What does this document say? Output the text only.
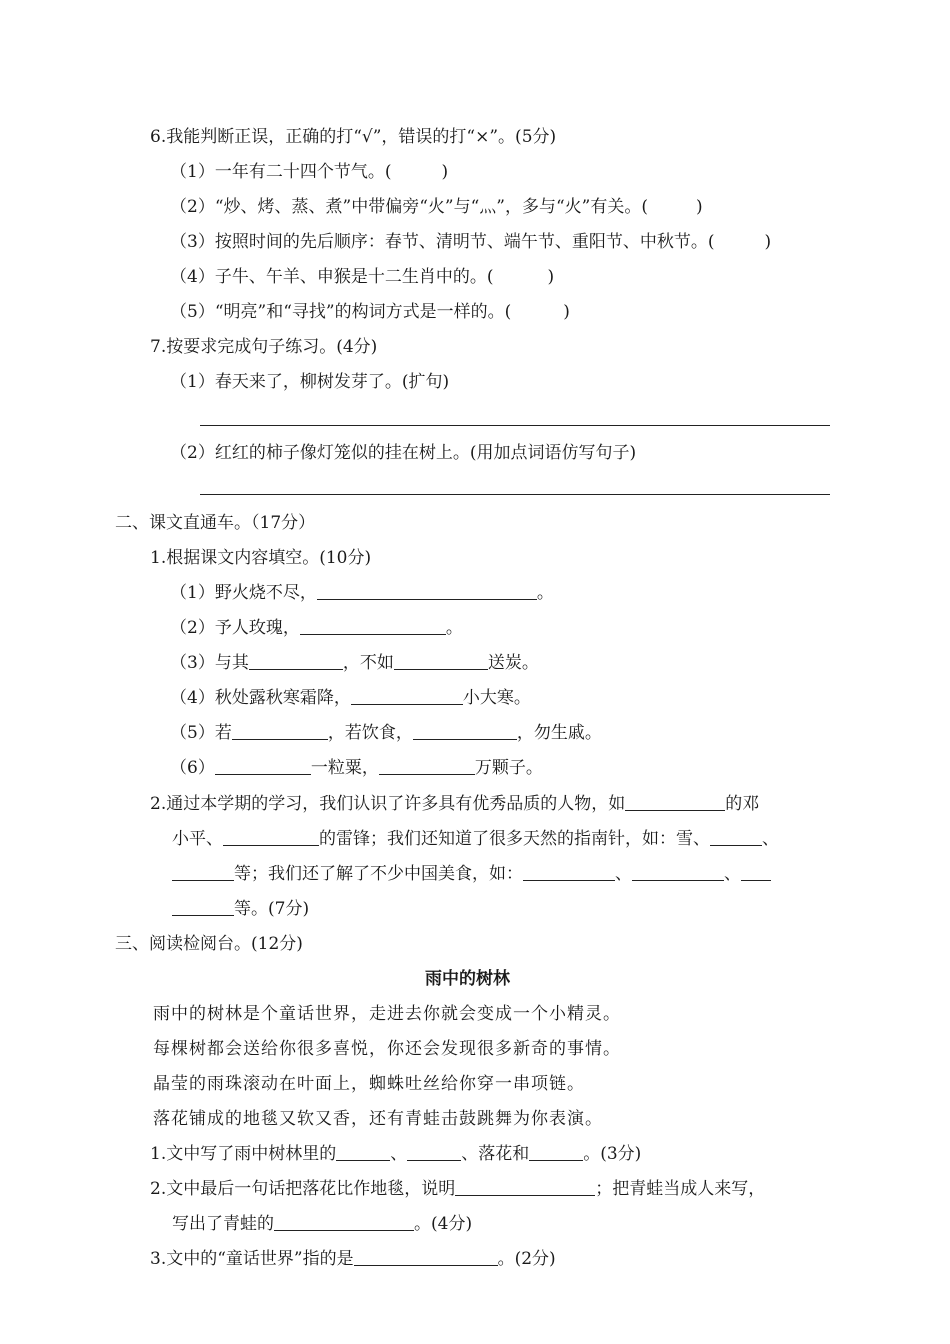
6.我能判断正误，正确的打“√”，错误的打“×”。(5分)
（1）一年有二十四个节气。(	)
（2）“炒、烤、蒸、煮”中带偏旁“火”与“灬”，多与“火”有关。(	)
（3）按照时间的先后顺序：春节、清明节、端午节、重阳节、中秋节。(	)
（4）子牛、午羊、申猴是十二生肖中的。(	)
（5）“明亮”和“寻找”的构词方式是一样的。(	)
7.按要求完成句子练习。(4分)
（1）春天来了，柳树发芽了。(扩句)
（2）红红的柿子像灯笼似的挂在树上。(用加点词语仿写句子)
二、课文直通车。（17分）
1.根据课文内容填空。(10分)
（1）野火烧不尽，	。
（2）予人玫瑰，	。
（3）与其	，不如	送炭。
（4）秋处露秋寒霜降，	小大寒。
（5）若	，若饮食，	，勿生戚。
（6）	一粒粟，	万颗子。
2.通过本学期的学习，我们认识了许多具有优秀品质的人物，如	的邓
小平、	的雷锋；我们还知道了很多天然的指南针，如：雪、	、
等；我们还了解了不少中国美食，如：	、	、
等。(7分)
三、阅读检阅台。(12分)
雨中的树林
雨中的树林是个童话世界，走进去你就会变成一个小精灵。
每棵树都会送给你很多喜悦，你还会发现很多新奇的事情。
晶莹的雨珠滚动在叶面上，蜘蛛吐丝给你穿一串项链。
落花铺成的地毯又软又香，还有青蛙击鼓跳舞为你表演。
1.文中写了雨中树林里的	、	、落花和	。(3分)
2.文中最后一句话把落花比作地毯，说明	；把青蛙当成人来写，
写出了青蛙的	。(4分)
3.文中的“童话世界”指的是	。(2分)
